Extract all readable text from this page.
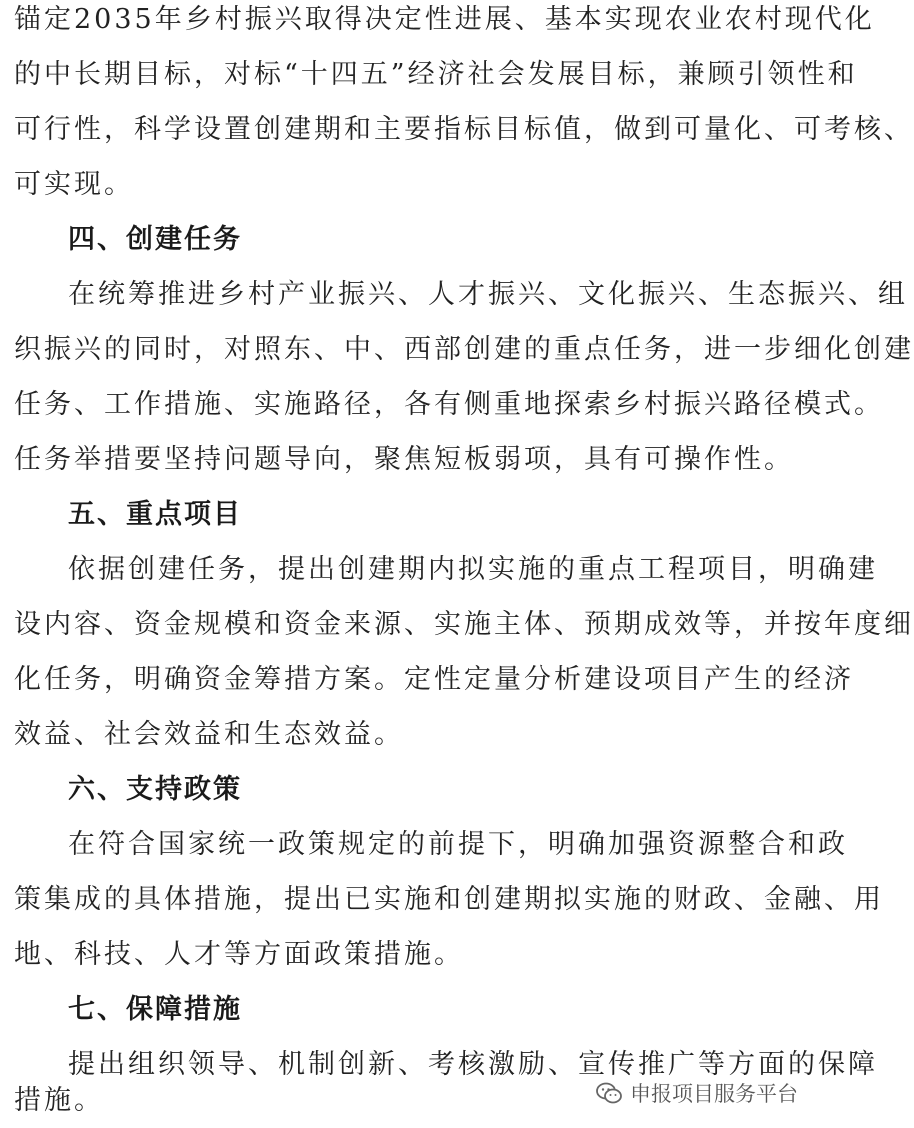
锚定2035年乡村振兴取得决定性进展、基本实现农业农村现代化
的中长期目标，对标“十四五”经济社会发展目标，兼顾引领性和
可行性，科学设置创建期和主要指标目标值，做到可量化、可考核、
可实现。
四、创建任务
在统筹推进乡村产业振兴、人才振兴、文化振兴、生态振兴、组
织振兴的同时，对照东、中、西部创建的重点任务，进一步细化创建
任务、工作措施、实施路径，各有侧重地探索乡村振兴路径模式。
任务举措要坚持问题导向，聚焦短板弱项，具有可操作性。
五、重点项目
依据创建任务，提出创建期内拟实施的重点工程项目，明确建
设内容、资金规模和资金来源、实施主体、预期成效等，并按年度细
化任务，明确资金筹措方案。定性定量分析建设项目产生的经济
效益、社会效益和生态效益。
六、支持政策
在符合国家统一政策规定的前提下，明确加强资源整合和政
策集成的具体措施，提出已实施和创建期拟实施的财政、金融、用
地、科技、人才等方面政策措施。
七、保障措施
提出组织领导、机制创新、考核激励、宣传推广等方面的保障
措施。	申报项目服务平台
